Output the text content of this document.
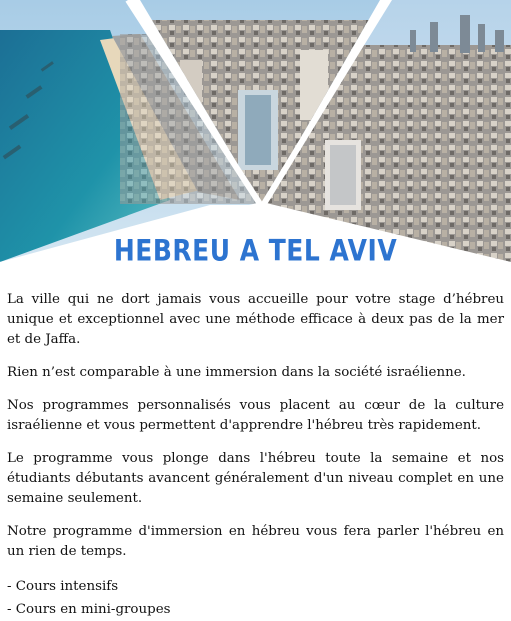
HEBREU A TEL AVIV

La ville qui ne dort jamais vous accueille pour votre stage d’hébreu unique et exceptionnel avec une méthode efficace à deux pas de la mer et de Jaffa.

Rien n’est comparable à une immersion dans la société israélienne.

Nos programmes personnalisés vous placent au cœur de la culture israélienne et vous permettent d'apprendre l'hébreu très rapidement.

Le programme vous plonge dans l'hébreu toute la semaine et nos étudiants débutants avancent généralement d'un niveau complet en une semaine seulement.

Notre programme d'immersion en hébreu vous fera parler l'hébreu en un rien de temps.

- Cours intensifs
- Cours en mini-groupes
